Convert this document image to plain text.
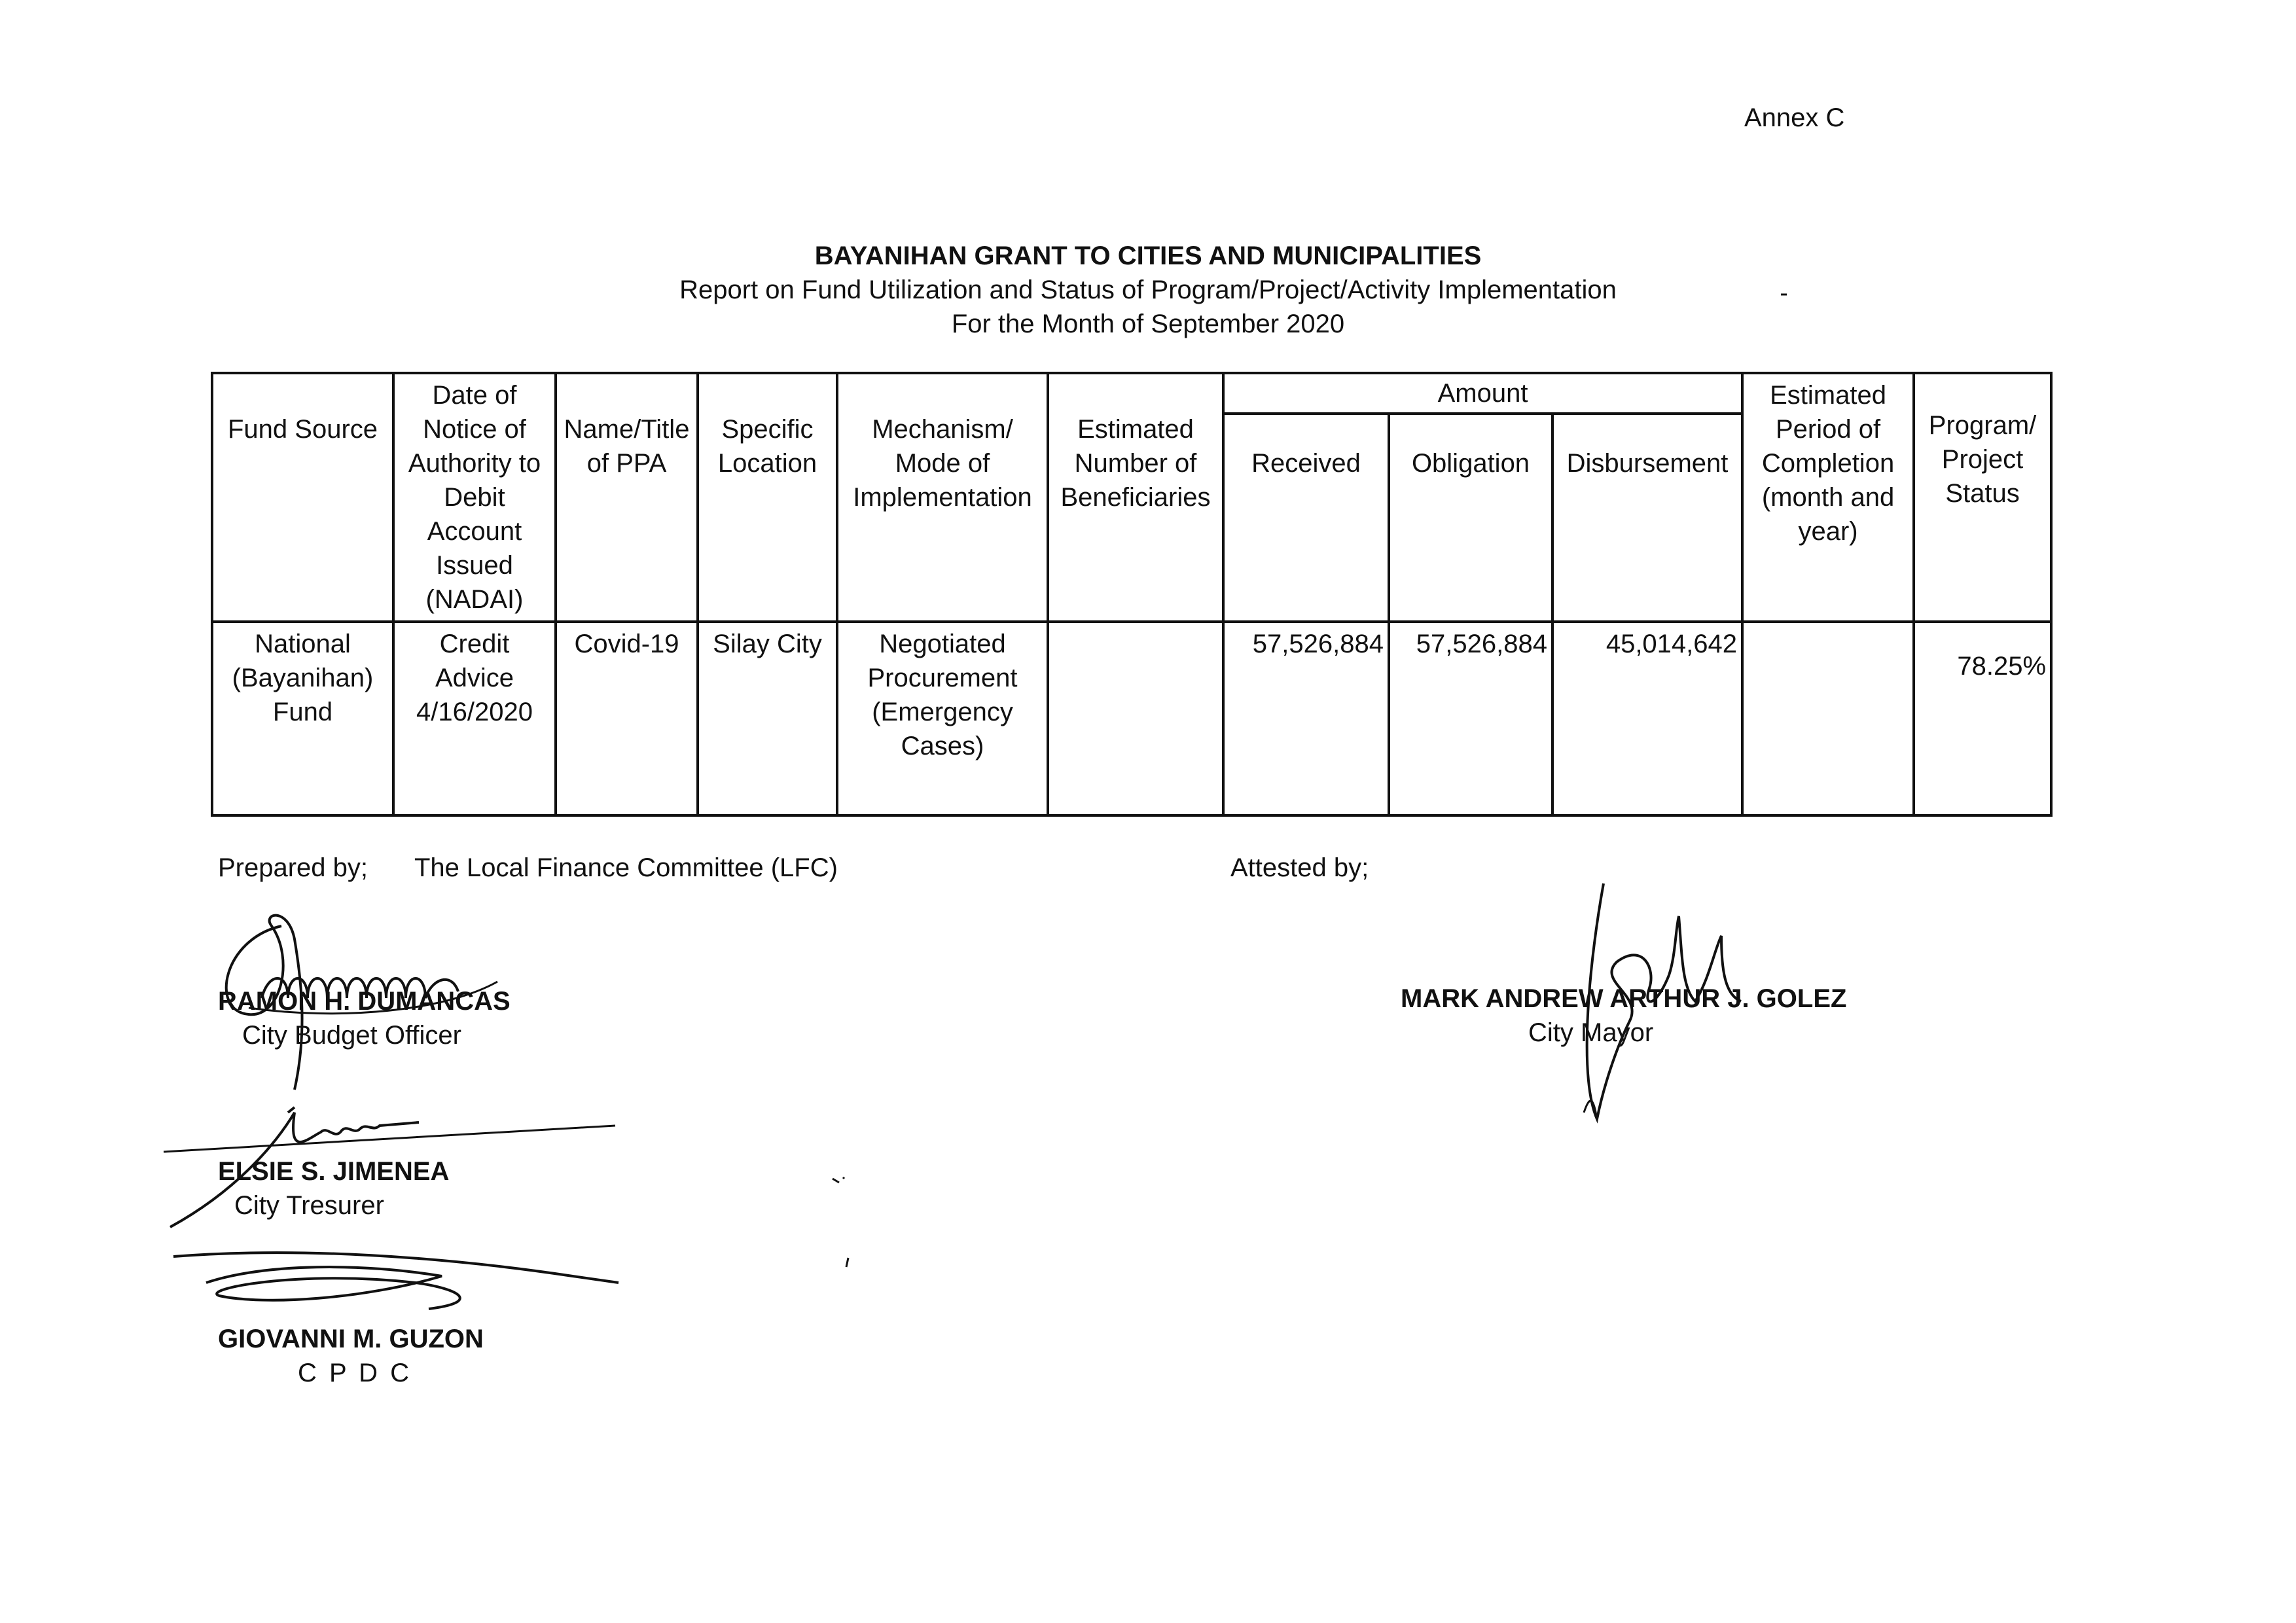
Annex C
BAYANIHAN GRANT TO CITIES AND MUNICIPALITIES
Report on Fund Utilization and Status of Program/Project/Activity Implementation
For the Month of September 2020
Fund Source	Date of Notice of Authority to Debit Account Issued (NADAI)	Name/Title of PPA	Specific Location	Mechanism/ Mode of Implementation	Estimated Number of Beneficiaries	Amount			Estimated Period of Completion (month and year)	Program/ Project Status
						Received	Obligation	Disbursement		
National (Bayanihan) Fund	Credit Advice 4/16/2020	Covid-19	Silay City	Negotiated Procurement (Emergency Cases)		57,526,884	57,526,884	45,014,642		78.25%
Prepared by; The Local Finance Committee (LFC)	Attested by;
RAMON H. DUMANCAS
City Budget Officer
ELSIE S. JIMENEA
City Tresurer
GIOVANNI M. GUZON
C P D C
MARK ANDREW ARTHUR J. GOLEZ
City Mayor
